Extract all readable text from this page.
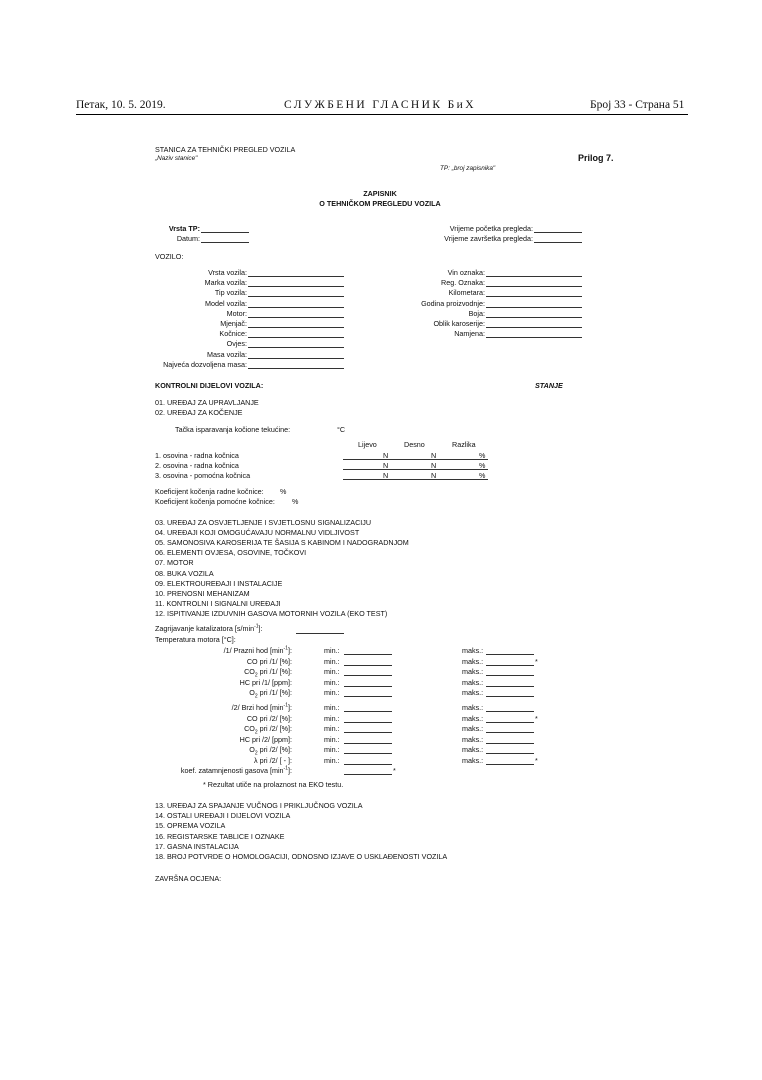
Петак, 10. 5. 2019.	СЛУЖБЕНИ ГЛАСНИК БиХ	Број 33 - Страна 51
STANICA ZA TEHNIČKI PREGLED VOZILA
„Naziv stanice"	Prilog 7.
TP: „broj zapisnika"
ZAPISNIK
O TEHNIČKOM PREGLEDU VOZILA
Vrsta TP:
Datum:
Vrijeme početka pregleda:
Vrijeme završetka pregleda:
VOZILO:
Vrsta vozila:
Marka vozila:
Tip vozila:
Model vozila:
Motor:
Mjenjač:
Kočnice:
Ovjes:
Masa vozila:
Najveća dozvoljena masa:
Vin oznaka:
Reg. Oznaka:
Kilometara:
Godina proizvodnje:
Boja:
Oblik karoserije:
Namjena:
KONTROLNI DIJELOVI VOZILA:	STANJE
01. UREĐAJ ZA UPRAVLJANJE
02. UREĐAJ ZA KOČENJE
Tačka isparavanja kočione tekućine:	°C
Lijevo	Desno	Razlika
1. osovina - radna kočnica	N	N	%
2. osovina - radna kočnica	N	N	%
3. osovina - pomoćna kočnica	N	N	%
Koeficijent kočenja radne kočnice: %
Koeficijent kočenja pomoćne kočnice: %
03. UREĐAJ ZA OSVJETLJENJE I SVJETLOSNU SIGNALIZACIJU
04. UREĐAJI KOJI OMOGUĆAVAJU NORMALNU VIDLJIVOST
05. SAMONOSIVA KAROSERIJA TE ŠASIJA S KABINOM I NADOGRADNJOM
06. ELEMENTI OVJESA, OSOVINE, TOČKOVI
07. MOTOR
08. BUKA VOZILA
09. ELEKTROUREĐAJI I INSTALACIJE
10. PRENOSNI MEHANIZAM
11. KONTROLNI I SIGNALNI UREĐAJI
12. ISPITIVANJE IZDUVNIH GASOVA MOTORNIH VOZILA (EKO TEST)
Zagrijavanje katalizatora $[s/\min^{-1}]$:
Temperatura motora [°C]:
/1/ Prazni hod $[\min^{-1}]$:	min.:	maks.:
CO pri /1/ [%]:	min.:	maks.:	*
$CO_2$ pri /1/ [%]:	min.:	maks.:
HC pri /1/ [ppm]:	min.:	maks.:
$O_2$ pri /1/ [%]:	min.:	maks.:
/2/ Brzi hod $[\min^{-1}]$:	min.:	maks.:
CO pri /2/ [%]:	min.:	maks.:	*
$CO_2$ pri /2/ [%]:	min.:	maks.:
HC pri /2/ [ppm]:	min.:	maks.:
$O_2$ pri /2/ [%]:	min.:	maks.:
λ pri /2/ [ - ]:	min.:	maks.:	*
koef. zatamnjenosti gasova $[\min^{-1}]$:	*
* Rezultat utiče na prolaznost na EKO testu.
13. UREĐAJ ZA SPAJANJE VUČNOG I PRIKLJUČNOG VOZILA
14. OSTALI UREĐAJI I DIJELOVI VOZILA
15. OPREMA VOZILA
16. REGISTARSKE TABLICE I OZNAKE
17. GASNA INSTALACIJA
18. BROJ POTVRDE O HOMOLOGACIJI, ODNOSNO IZJAVE O USKLAĐENOSTI VOZILA
ZAVRŠNA OCJENA:
